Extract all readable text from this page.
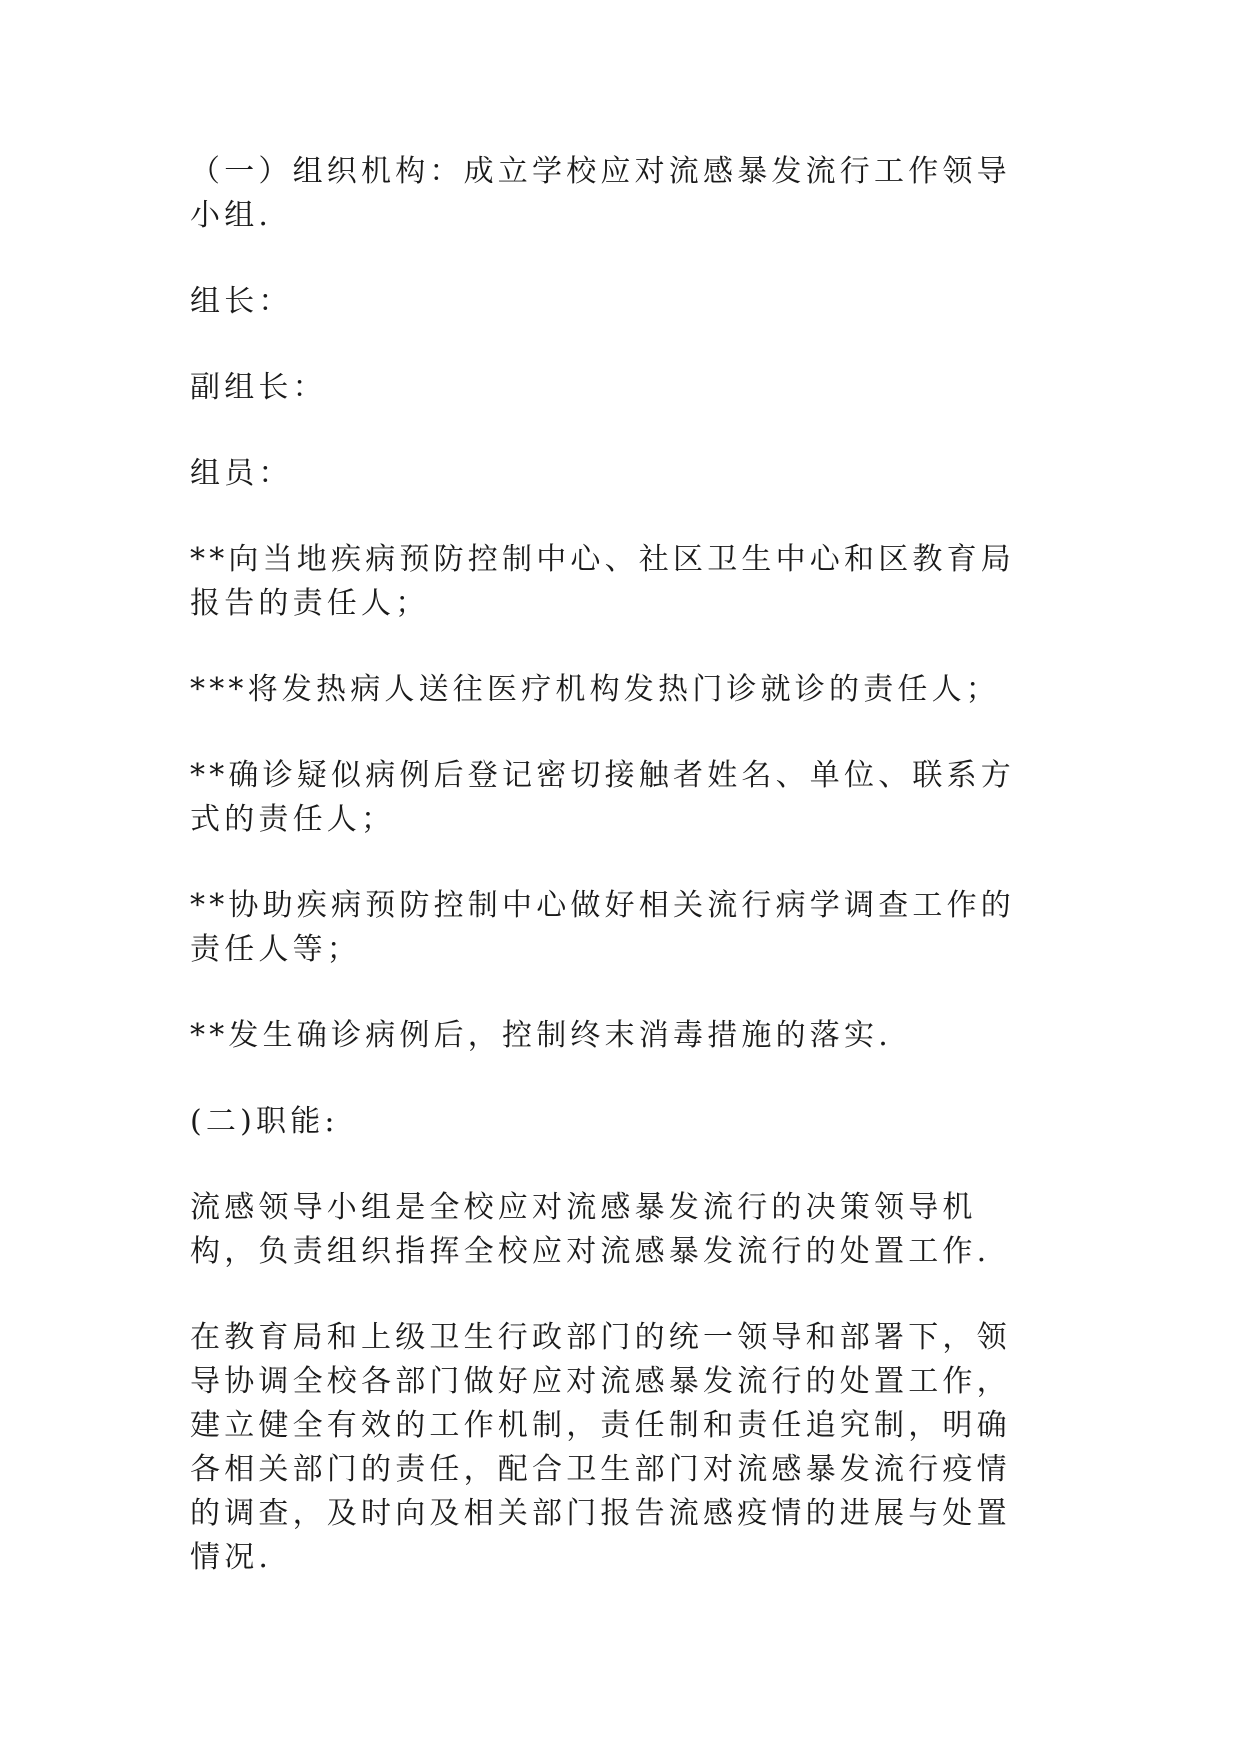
（一）组织机构：成立学校应对流感暴发流行工作领导小组.

组长：

副组长：

组员：

**向当地疾病预防控制中心、社区卫生中心和区教育局报告的责任人；

***将发热病人送往医疗机构发热门诊就诊的责任人；

**确诊疑似病例后登记密切接触者姓名、单位、联系方式的责任人；

**协助疾病预防控制中心做好相关流行病学调查工作的责任人等；

**发生确诊病例后，控制终末消毒措施的落实.

(二)职能:

流感领导小组是全校应对流感暴发流行的决策领导机构，负责组织指挥全校应对流感暴发流行的处置工作.

在教育局和上级卫生行政部门的统一领导和部署下，领导协调全校各部门做好应对流感暴发流行的处置工作，建立健全有效的工作机制，责任制和责任追究制，明确各相关部门的责任，配合卫生部门对流感暴发流行疫情的调查，及时向及相关部门报告流感疫情的进展与处置情况.
